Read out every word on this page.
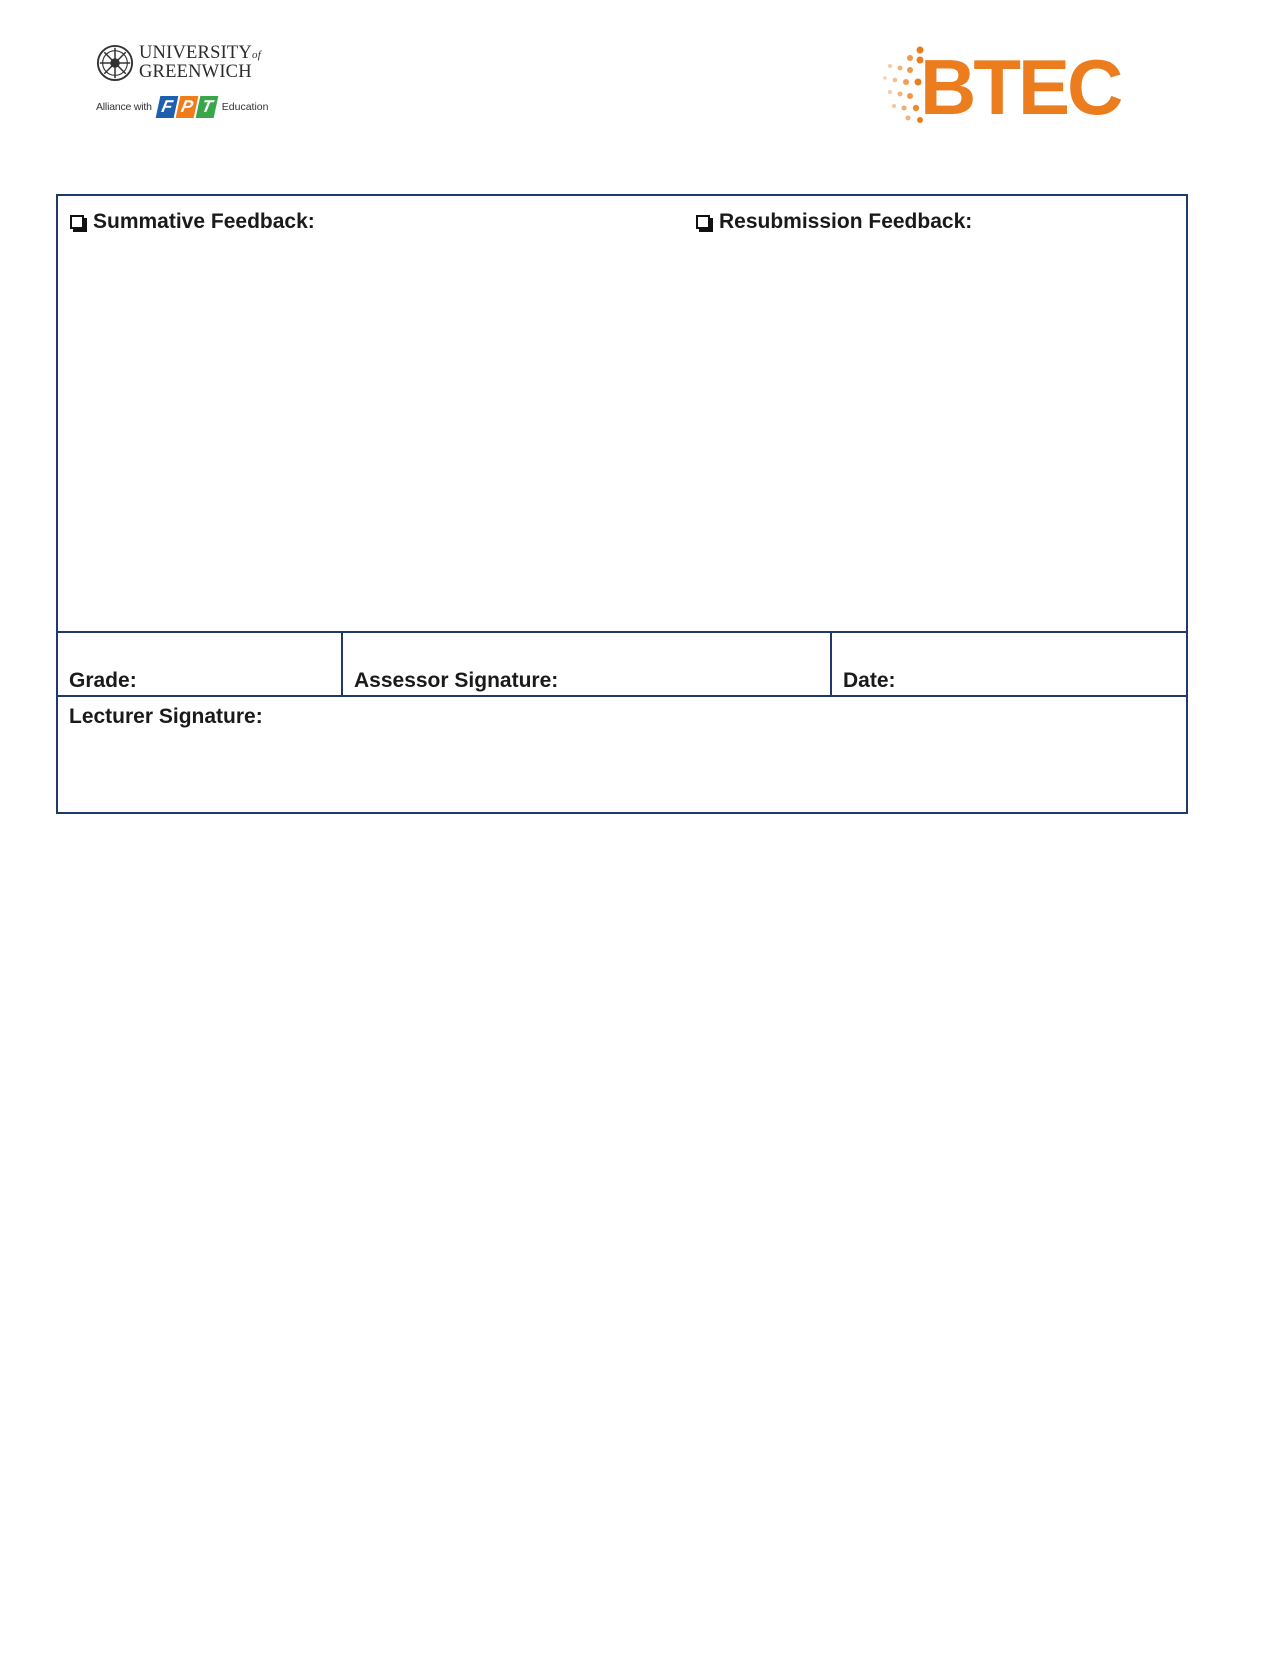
UNIVERSITYof
GREENWICH
Alliance with F P T Education	BTEC
Summative Feedback:	Resubmission Feedback:
Grade:	Assessor Signature:	Date:
Lecturer Signature:
